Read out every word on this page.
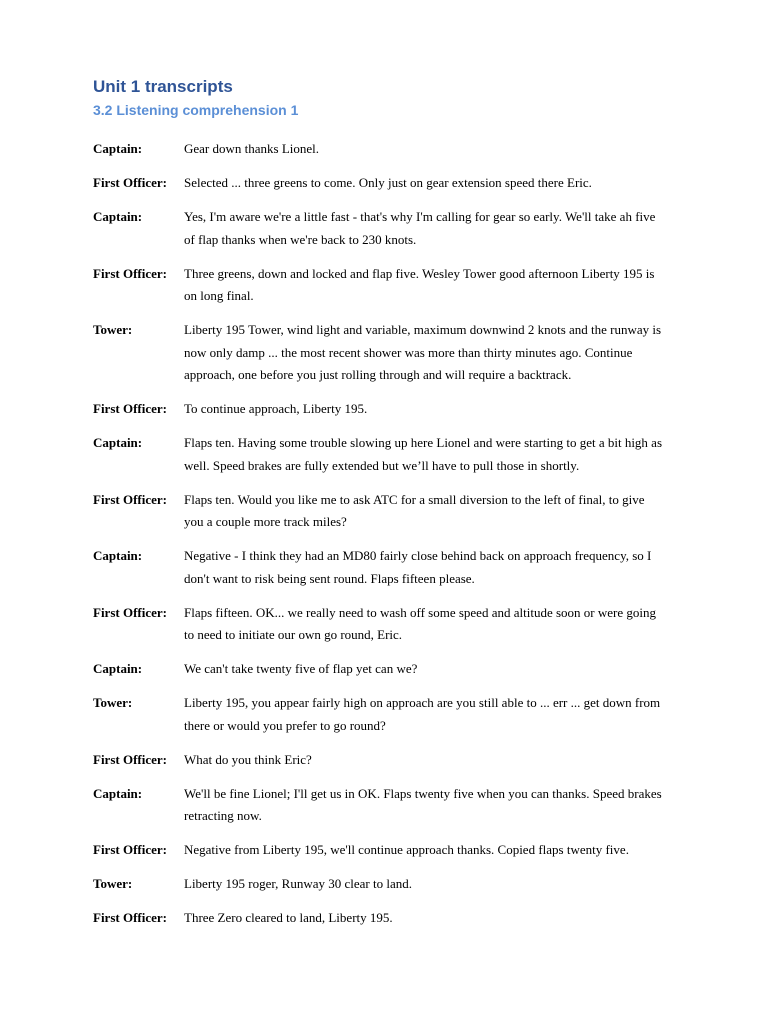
Unit 1 transcripts
3.2 Listening comprehension 1
Captain:	Gear down thanks Lionel.
First Officer:	Selected ... three greens to come. Only just on gear extension speed there Eric.
Captain:	Yes, I'm aware we're a little fast - that's why I'm calling for gear so early. We'll take ah five of flap thanks when we're back to 230 knots.
First Officer:	Three greens, down and locked and flap five. Wesley Tower good afternoon Liberty 195 is on long final.
Tower:	Liberty 195 Tower, wind light and variable, maximum downwind 2 knots and the runway is now only damp ... the most recent shower was more than thirty minutes ago. Continue approach, one before you just rolling through and will require a backtrack.
First Officer:	To continue approach, Liberty 195.
Captain:	Flaps ten. Having some trouble slowing up here Lionel and were starting to get a bit high as well. Speed brakes are fully extended but we’ll have to pull those in shortly.
First Officer:	Flaps ten. Would you like me to ask ATC for a small diversion to the left of final, to give you a couple more track miles?
Captain:	Negative - I think they had an MD80 fairly close behind back on approach frequency, so I don't want to risk being sent round. Flaps fifteen please.
First Officer:	Flaps fifteen. OK... we really need to wash off some speed and altitude soon or were going to need to initiate our own go round, Eric.
Captain:	We can't take twenty five of flap yet can we?
Tower:	Liberty 195, you appear fairly high on approach are you still able to ... err ... get down from there or would you prefer to go round?
First Officer:	What do you think Eric?
Captain:	We'll be fine Lionel; I'll get us in OK. Flaps twenty five when you can thanks. Speed brakes retracting now.
First Officer:	Negative from Liberty 195, we'll continue approach thanks. Copied flaps twenty five.
Tower:	Liberty 195 roger, Runway 30 clear to land.
First Officer:	Three Zero cleared to land, Liberty 195.
